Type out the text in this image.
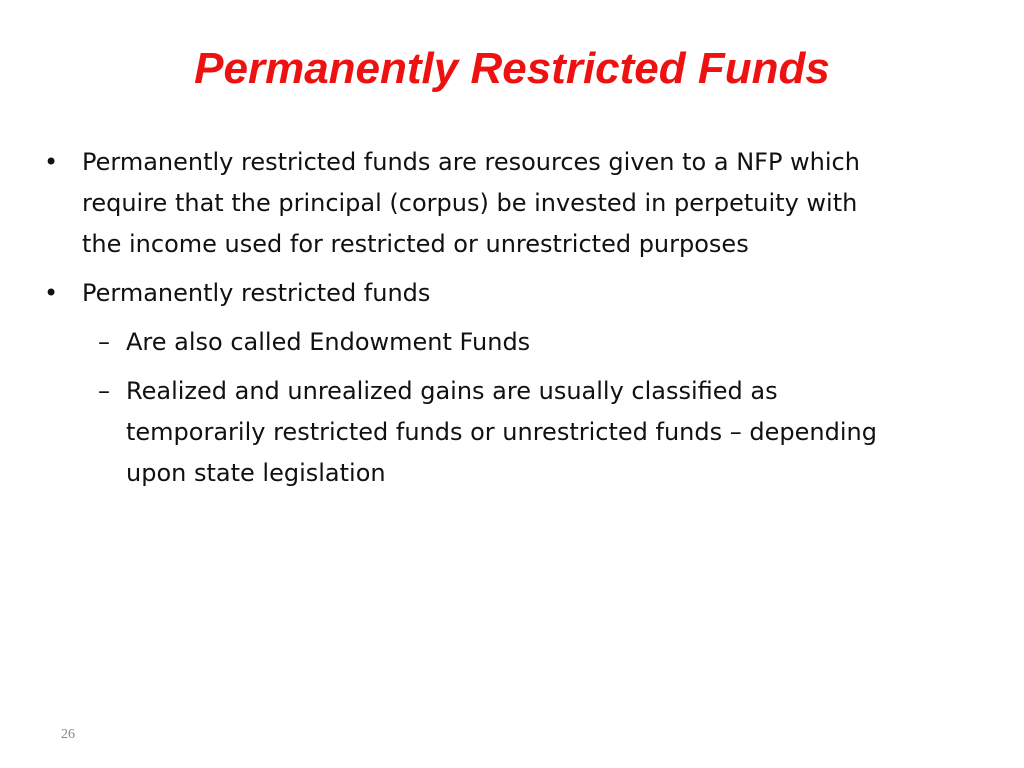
Permanently Restricted Funds
• Permanently restricted funds are resources given to a NFP which require that the principal (corpus) be invested in perpetuity with the income used for restricted or unrestricted purposes
• Permanently restricted funds
– Are also called Endowment Funds
– Realized and unrealized gains are usually classified as temporarily restricted funds or unrestricted funds – depending upon state legislation
26
